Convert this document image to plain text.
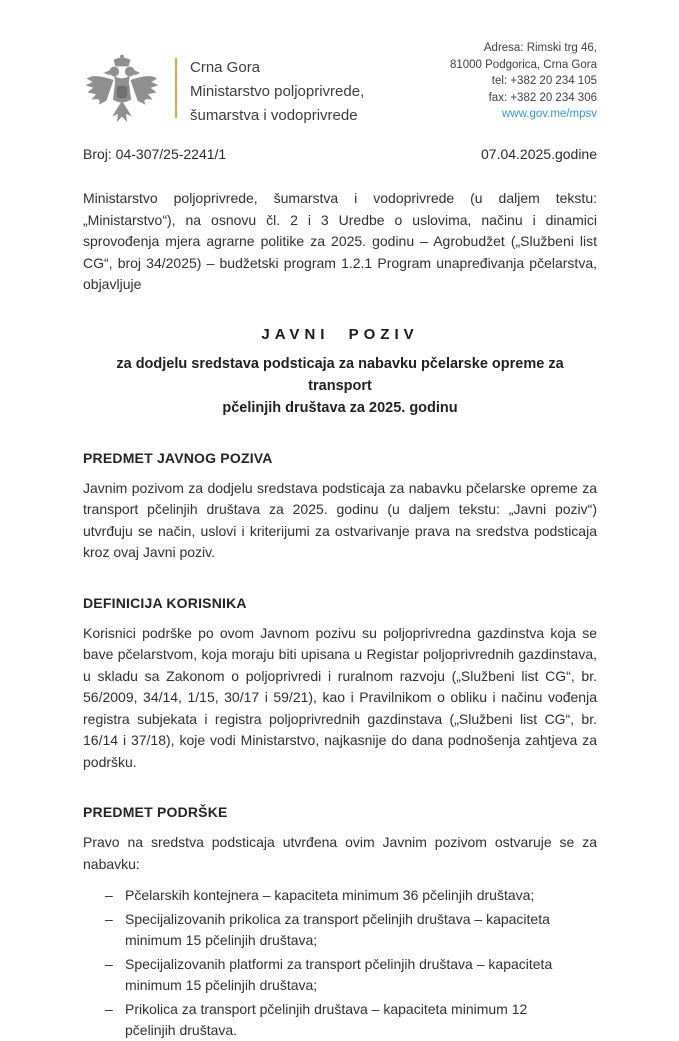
Crna Gora
Ministarstvo poljoprivrede,
šumarstva i vodoprivrede
Adresa: Rimski trg 46,
81000 Podgorica, Crna Gora
tel: +382 20 234 105
fax: +382 20 234 306
www.gov.me/mpsv
Broj: 04-307/25-2241/1	07.04.2025.godine

Ministarstvo poljoprivrede, šumarstva i vodoprivrede (u daljem tekstu: „Ministarstvo“), na osnovu čl. 2 i 3 Uredbe o uslovima, načinu i dinamici sprovođenja mjera agrarne politike za 2025. godinu – Agrobudžet („Službeni list CG“, broj 34/2025) – budžetski program 1.2.1 Program unapređivanja pčelarstva, objavljuje

JAVNI POZIV
za dodjelu sredstava podsticaja za nabavku pčelarske opreme za transport
pčelinjih društava za 2025. godinu
PREDMET JAVNOG POZIVA

Javnim pozivom za dodjelu sredstava podsticaja za nabavku pčelarske opreme za transport pčelinjih društava za 2025. godinu (u daljem tekstu: „Javni poziv“) utvrđuju se način, uslovi i kriterijumi za ostvarivanje prava na sredstva podsticaja kroz ovaj Javni poziv.

DEFINICIJA KORISNIKA

Korisnici podrške po ovom Javnom pozivu su poljoprivredna gazdinstva koja se bave pčelarstvom, koja moraju biti upisana u Registar poljoprivrednih gazdinstava, u skladu sa Zakonom o poljoprivredi i ruralnom razvoju („Službeni list CG“, br. 56/2009, 34/14, 1/15, 30/17 i 59/21), kao i Pravilnikom o obliku i načinu vođenja registra subjekata i registra poljoprivrednih gazdinstava („Službeni list CG“, br. 16/14 i 37/18), koje vodi Ministarstvo, najkasnije do dana podnošenja zahtjeva za podršku.

PREDMET PODRŠKE

Pravo na sredstva podsticaja utvrđena ovim Javnim pozivom ostvaruje se za nabavku:

– Pčelarskih kontejnera – kapaciteta minimum 36 pčelinjih društava;
– Specijalizovanih prikolica za transport pčelinjih društava – kapaciteta minimum 15 pčelinjih društava;
– Specijalizovanih platformi za transport pčelinjih društava – kapaciteta minimum 15 pčelinjih društava;
– Prikolica za transport pčelinjih društava – kapaciteta minimum 12 pčelinjih društava.
